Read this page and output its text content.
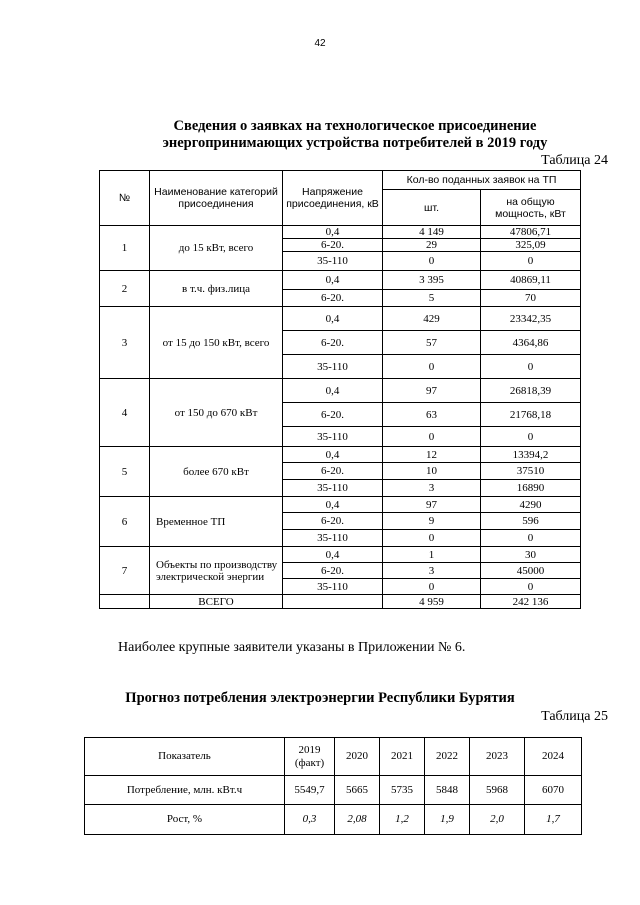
42
Сведения о заявках на технологическое присоединение
энергопринимающих устройства потребителей в 2019 году
Таблица 24
№	Наименование категорий присоединения	Напряжение присоединения, кВ	Кол-во поданных заявок на ТП	
			шт.	на общую мощность, кВт
1	до 15 кВт, всего	0,4	4 149	47806,71
		6-20.	29	325,09
		35-110	0	0
2	в т.ч. физ.лица	0,4	3 395	40869,11
		6-20.	5	70
3	от 15 до 150 кВт, всего	0,4	429	23342,35
		6-20.	57	4364,86
		35-110	0	0
4	от 150 до 670 кВт	0,4	97	26818,39
		6-20.	63	21768,18
		35-110	0	0
5	более 670 кВт	0,4	12	13394,2
		6-20.	10	37510
		35-110	3	16890
6	Временное ТП	0,4	97	4290
		6-20.	9	596
		35-110	0	0
7	Объекты по производству электрической энергии	0,4	1	30
		6-20.	3	45000
		35-110	0	0
	ВСЕГО		4 959	242 136
Наиболее крупные заявители указаны в Приложении № 6.
Прогноз потребления электроэнергии Республики Бурятия
Таблица 25
Показатель	2019 (факт)	2020	2021	2022	2023	2024
Потребление, млн. кВт.ч	5549,7	5665	5735	5848	5968	6070
Рост, %	0,3	2,08	1,2	1,9	2,0	1,7
